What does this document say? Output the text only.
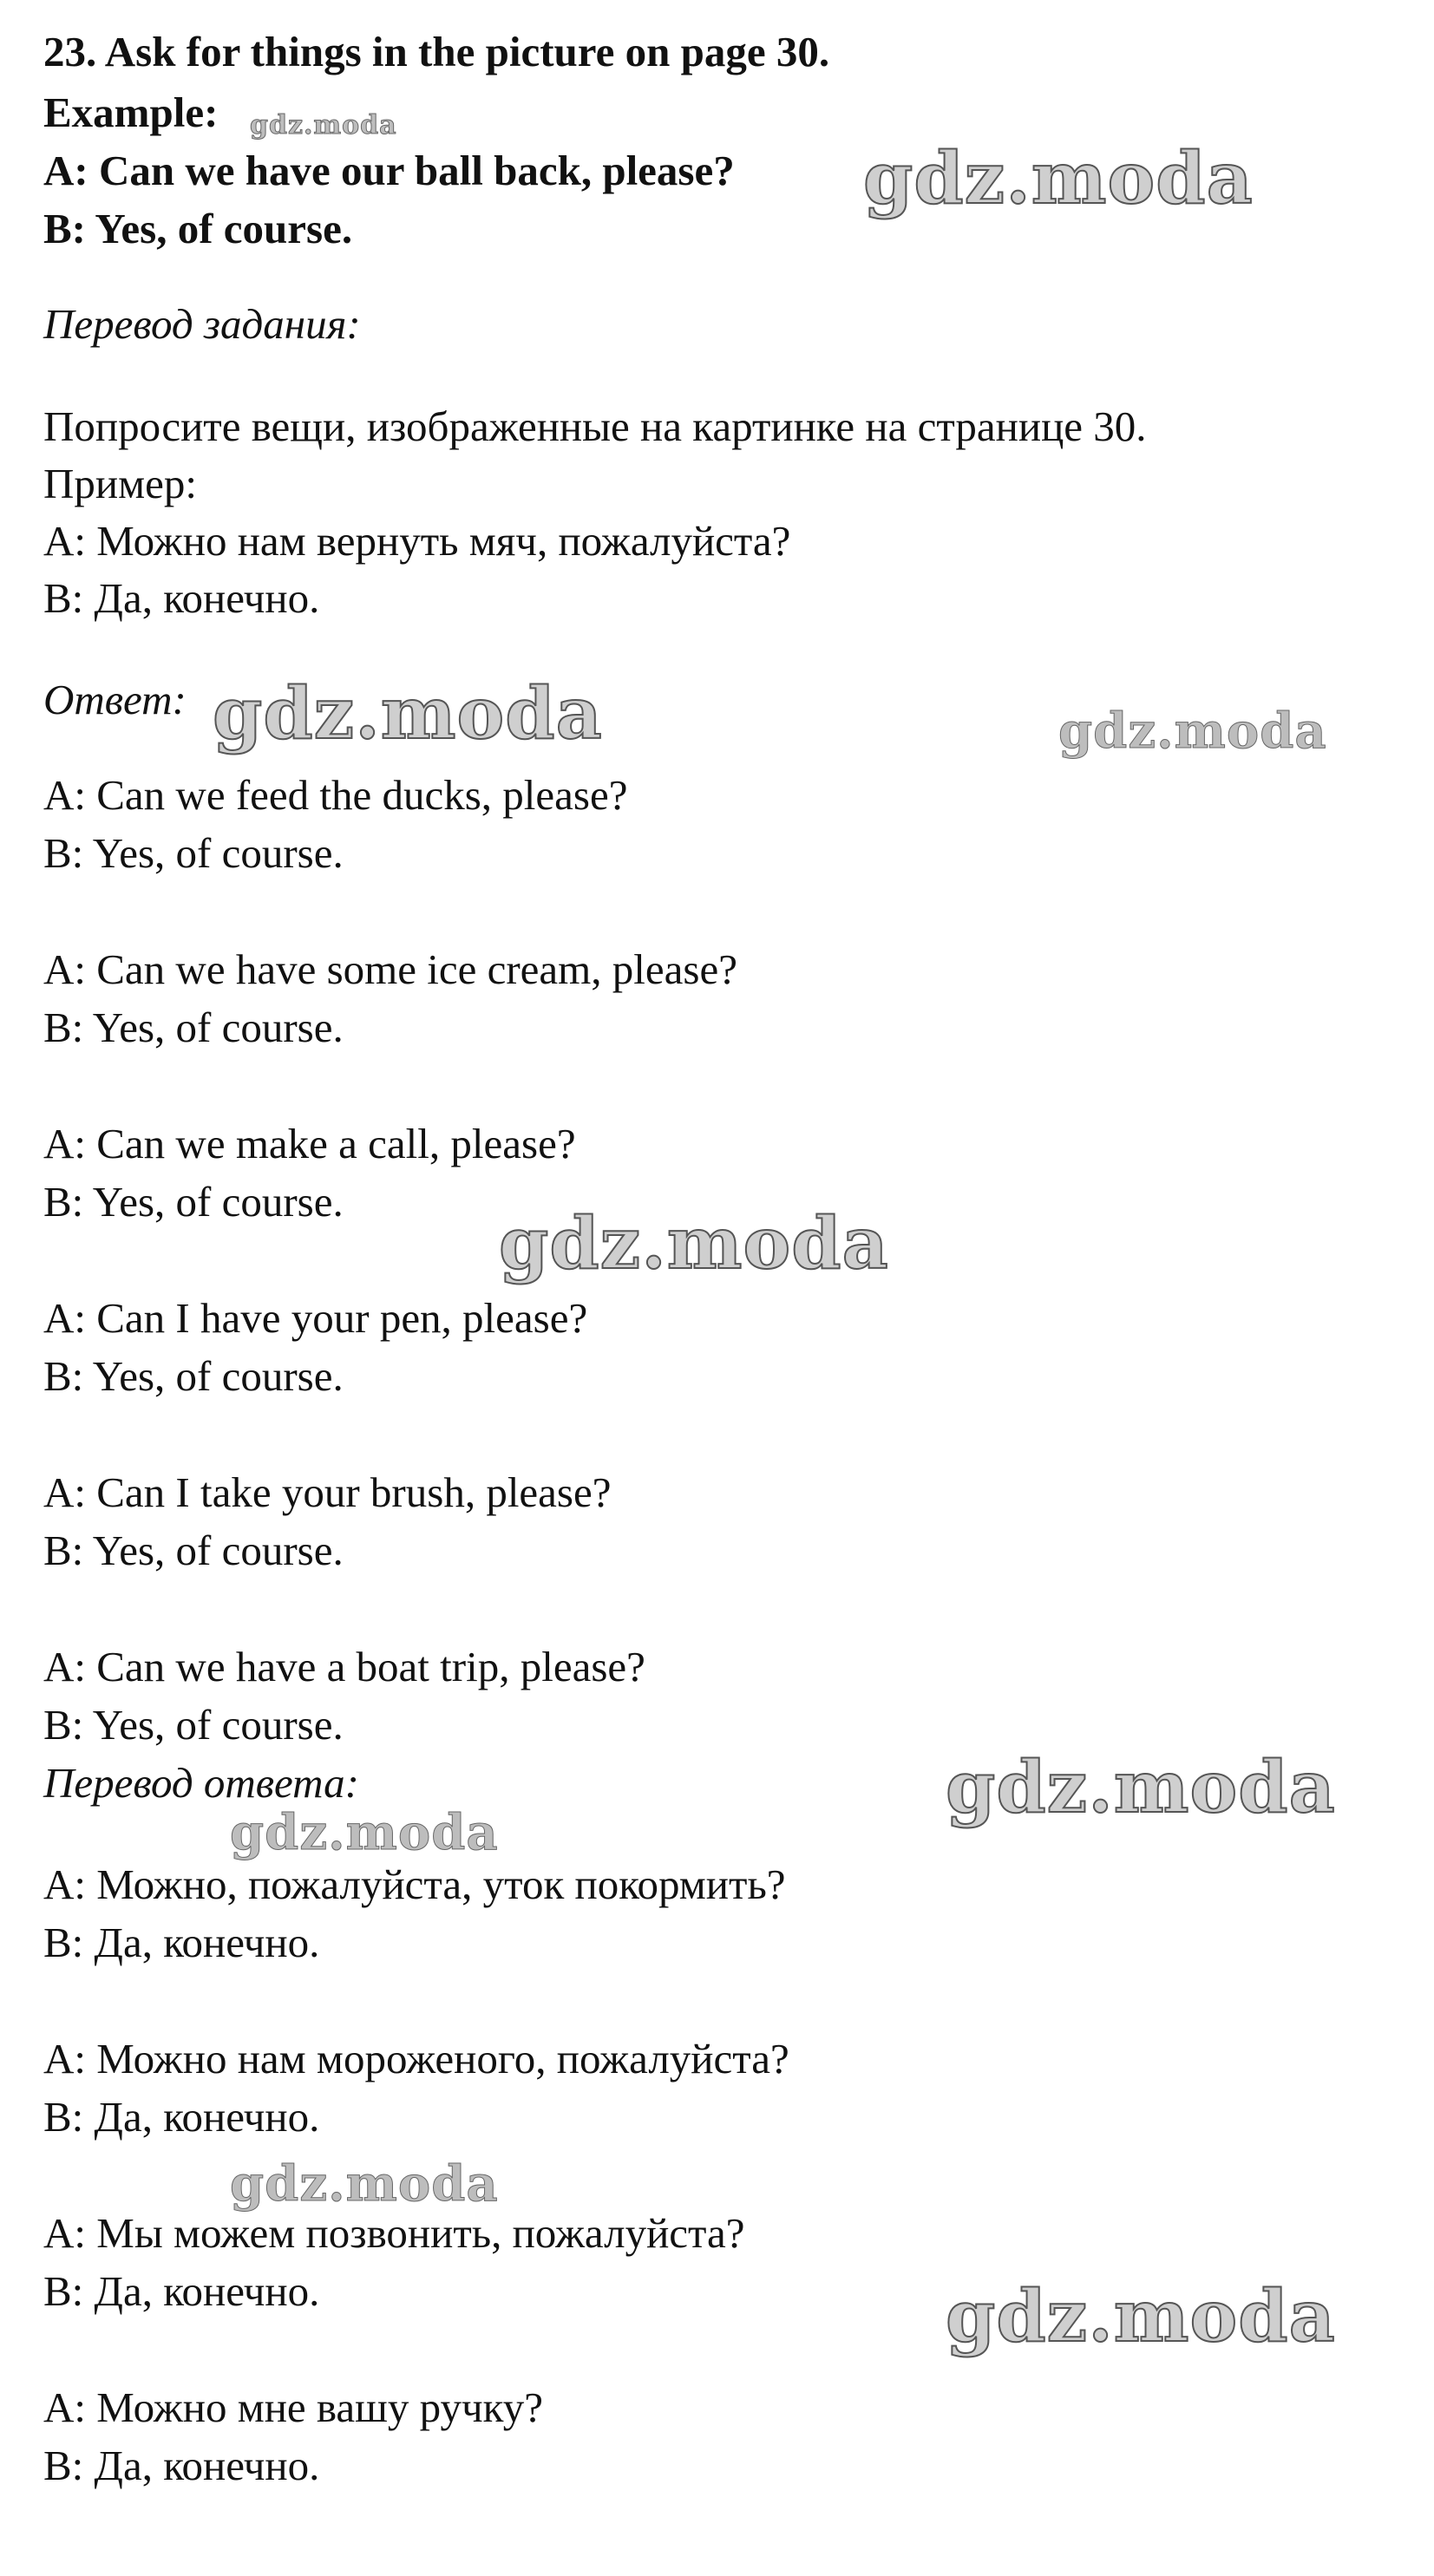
23. Ask for things in the picture on page 30.
Example:
A: Can we have our ball back, please?
B: Yes, of course.
Перевод задания:
Попросите вещи, изображенные на картинке на странице 30.
Пример:
A: Можно нам вернуть мяч, пожалуйста?
B: Да, конечно.
Ответ:
A: Can we feed the ducks, please?
B: Yes, of course.
A: Can we have some ice cream, please?
B: Yes, of course.
A: Can we make a call, please?
B: Yes, of course.
A: Can I have your pen, please?
B: Yes, of course.
A: Can I take your brush, please?
B: Yes, of course.
A: Can we have a boat trip, please?
B: Yes, of course.
Перевод ответа:
A: Можно, пожалуйста, уток покормить?
B: Да, конечно.
A: Можно нам мороженого, пожалуйста?
B: Да, конечно.
A: Мы можем позвонить, пожалуйста?
B: Да, конечно.
A: Можно мне вашу ручку?
B: Да, конечно.
gdz.moda
gdz.moda
gdz.moda	gdz.moda
gdz.moda
gdz.moda
gdz.moda
gdz.moda
gdz.moda
